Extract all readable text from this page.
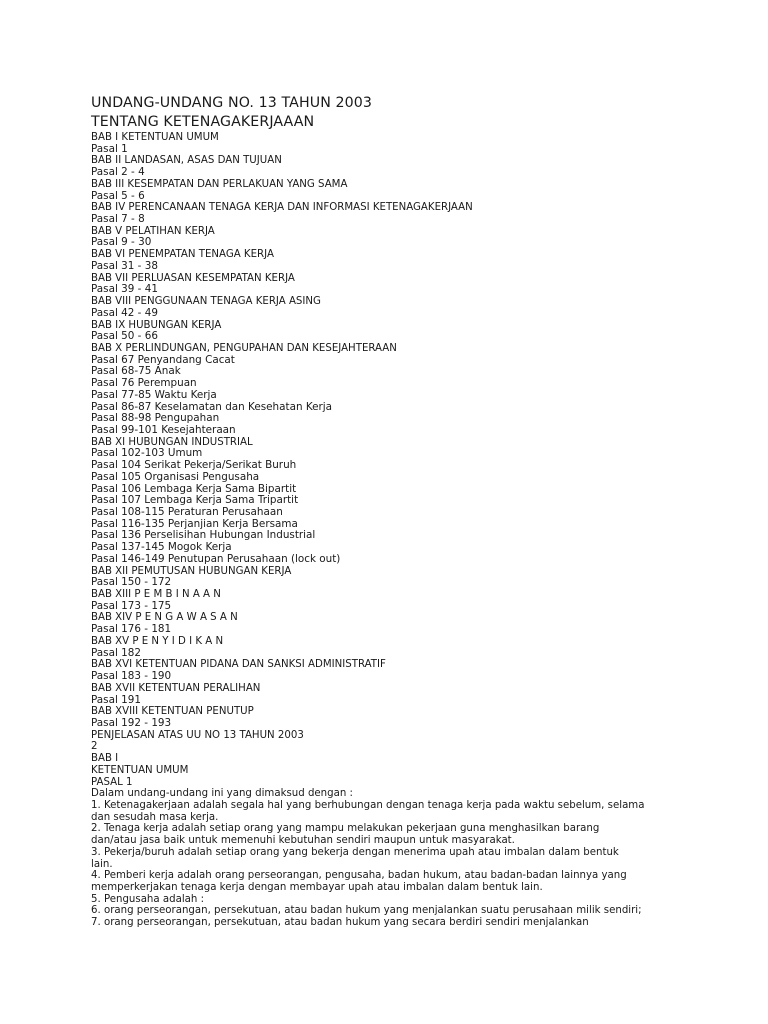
UNDANG-UNDANG NO. 13 TAHUN 2003
TENTANG KETENAGAKERJAAAN
BAB I KETENTUAN UMUM
Pasal 1
BAB II LANDASAN, ASAS DAN TUJUAN
Pasal 2 - 4
BAB III KESEMPATAN DAN PERLAKUAN YANG SAMA
Pasal 5 - 6
BAB IV PERENCANAAN TENAGA KERJA DAN INFORMASI KETENAGAKERJAAN
Pasal 7 - 8
BAB V PELATIHAN KERJA
Pasal 9 - 30
BAB VI PENEMPATAN TENAGA KERJA
Pasal 31 - 38
BAB VII PERLUASAN KESEMPATAN KERJA
Pasal 39 - 41
BAB VIII PENGGUNAAN TENAGA KERJA ASING
Pasal 42 - 49
BAB IX HUBUNGAN KERJA
Pasal 50 - 66
BAB X PERLINDUNGAN, PENGUPAHAN DAN KESEJAHTERAAN
Pasal 67 Penyandang Cacat
Pasal 68-75 Anak
Pasal 76 Perempuan
Pasal 77-85 Waktu Kerja
Pasal 86-87 Keselamatan dan Kesehatan Kerja
Pasal 88-98 Pengupahan
Pasal 99-101 Kesejahteraan
BAB XI HUBUNGAN INDUSTRIAL
Pasal 102-103 Umum
Pasal 104 Serikat Pekerja/Serikat Buruh
Pasal 105 Organisasi Pengusaha
Pasal 106 Lembaga Kerja Sama Bipartit
Pasal 107 Lembaga Kerja Sama Tripartit
Pasal 108-115 Peraturan Perusahaan
Pasal 116-135 Perjanjian Kerja Bersama
Pasal 136 Perselisihan Hubungan Industrial
Pasal 137-145 Mogok Kerja
Pasal 146-149 Penutupan Perusahaan (lock out)
BAB XII PEMUTUSAN HUBUNGAN KERJA
Pasal 150 - 172
BAB XIII P E M B I N A A N
Pasal 173 - 175
BAB XIV P E N G A W A S A N
Pasal 176 - 181
BAB XV P E N Y I D I K A N
Pasal 182
BAB XVI KETENTUAN PIDANA DAN SANKSI ADMINISTRATIF
Pasal 183 - 190
BAB XVII KETENTUAN PERALIHAN
Pasal 191
BAB XVIII KETENTUAN PENUTUP
Pasal 192 - 193
PENJELASAN ATAS UU NO 13 TAHUN 2003
2
BAB I
KETENTUAN UMUM
PASAL 1
Dalam undang-undang ini yang dimaksud dengan :
1. Ketenagakerjaan adalah segala hal yang berhubungan dengan tenaga kerja pada waktu sebelum, selama
dan sesudah masa kerja.
2. Tenaga kerja adalah setiap orang yang mampu melakukan pekerjaan guna menghasilkan barang
dan/atau jasa baik untuk memenuhi kebutuhan sendiri maupun untuk masyarakat.
3. Pekerja/buruh adalah setiap orang yang bekerja dengan menerima upah atau imbalan dalam bentuk
lain.
4. Pemberi kerja adalah orang perseorangan, pengusaha, badan hukum, atau badan-badan lainnya yang
memperkerjakan tenaga kerja dengan membayar upah atau imbalan dalam bentuk lain.
5. Pengusaha adalah :
6. orang perseorangan, persekutuan, atau badan hukum yang menjalankan suatu perusahaan milik sendiri;
7. orang perseorangan, persekutuan, atau badan hukum yang secara berdiri sendiri menjalankan
